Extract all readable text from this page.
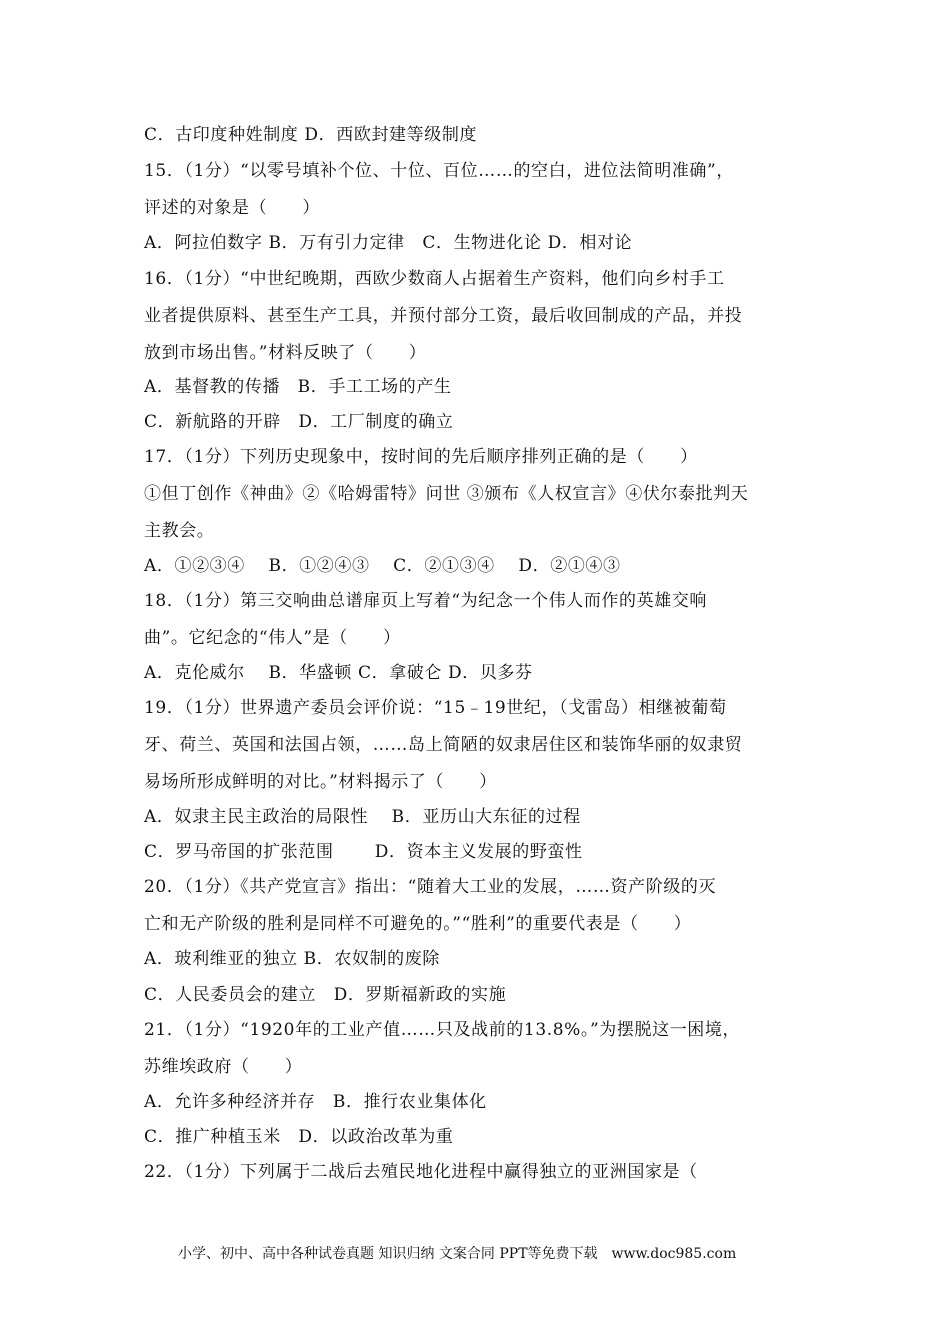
C．古印度种姓制度 D．西欧封建等级制度
15．（1分）“以零号填补个位、十位、百位……的空白，进位法简明准确”，
评述的对象是（　　）
A．阿拉伯数字 B．万有引力定律　C．生物进化论 D．相对论
16．（1分）“中世纪晚期，西欧少数商人占据着生产资料，他们向乡村手工
业者提供原料、甚至生产工具，并预付部分工资，最后收回制成的产品，并投
放到市场出售。”材料反映了（　　）
A．基督教的传播　B．手工工场的产生
C．新航路的开辟　D．工厂制度的确立
17．（1分）下列历史现象中，按时间的先后顺序排列正确的是（　　）
①但丁创作《神曲》②《哈姆雷特》问世 ③颁布《人权宣言》④伏尔泰批判天
主教会。
A．①②③④　 B．①②④③　 C．②①③④　 D．②①④③
18．（1分）第三交响曲总谱扉页上写着“为纪念一个伟人而作的英雄交响
曲”。它纪念的“伟人”是（　　）
A．克伦威尔　 B．华盛顿 C．拿破仑 D．贝多芬
19．（1分）世界遗产委员会评价说：“15﹣19世纪，（戈雷岛）相继被葡萄
牙、荷兰、英国和法国占领，……岛上简陋的奴隶居住区和装饰华丽的奴隶贸
易场所形成鲜明的对比。”材料揭示了（　　）
A．奴隶主民主政治的局限性　 B．亚历山大东征的过程
C．罗马帝国的扩张范围　　 D．资本主义发展的野蛮性
20．（1分）《共产党宣言》指出：“随着大工业的发展，……资产阶级的灭
亡和无产阶级的胜利是同样不可避免的。”“胜利”的重要代表是（　　）
A．玻利维亚的独立 B．农奴制的废除
C．人民委员会的建立　D．罗斯福新政的实施
21．（1分）“1920年的工业产值……只及战前的13.8%。”为摆脱这一困境，
苏维埃政府（　　）
A．允许多种经济并存　B．推行农业集体化
C．推广种植玉米　D．以政治改革为重
22．（1分）下列属于二战后去殖民地化进程中赢得独立的亚洲国家是（
小学、初中、高中各种试卷真题 知识归纳 文案合同 PPT等免费下载　www.doc985.com
